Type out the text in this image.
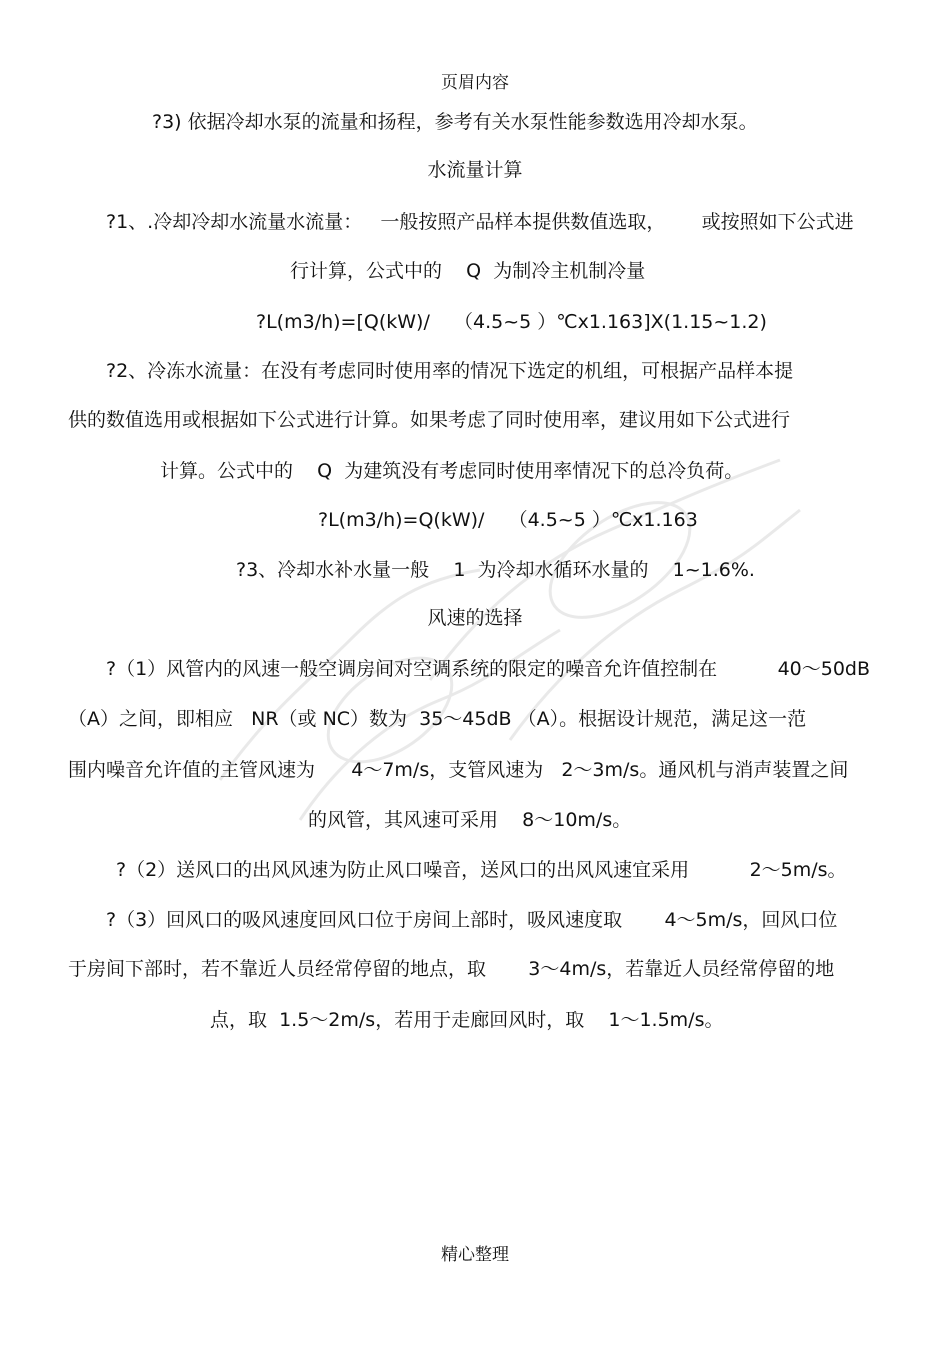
页眉内容
?3) 依据冷却水泵的流量和扬程，参考有关水泵性能参数选用冷却水泵。
水流量计算
?1、.冷却冷却水流量水流量：   一般按照产品样本提供数值选取，      或按照如下公式进
行计算，公式中的    Q  为制冷主机制冷量
?L(m3/h)=[Q(kW)/    （4.5~5 ）℃x1.163]X(1.15~1.2)
?2、冷冻水流量：在没有考虑同时使用率的情况下选定的机组，可根据产品样本提
供的数值选用或根据如下公式进行计算。如果考虑了同时使用率，建议用如下公式进行
计算。公式中的    Q  为建筑没有考虑同时使用率情况下的总冷负荷。
?L(m3/h)=Q(kW)/    （4.5~5 ）℃x1.163
?3、冷却水补水量一般    1  为冷却水循环水量的    1~1.6%.
风速的选择
?（1）风管内的风速一般空调房间对空调系统的限定的噪音允许值控制在          40～50dB
（A）之间，即相应   NR（或 NC）数为  35～45dB （A）。根据设计规范，满足这一范
围内噪音允许值的主管风速为      4～7m/s，支管风速为   2～3m/s。通风机与消声装置之间
的风管，其风速可采用    8～10m/s。
?（2）送风口的出风风速为防止风口噪音，送风口的出风风速宜采用          2～5m/s。
?（3）回风口的吸风速度回风口位于房间上部时，吸风速度取       4～5m/s，回风口位
于房间下部时，若不靠近人员经常停留的地点，取       3～4m/s，若靠近人员经常停留的地
点，取  1.5～2m/s，若用于走廊回风时，取    1～1.5m/s。
精心整理
